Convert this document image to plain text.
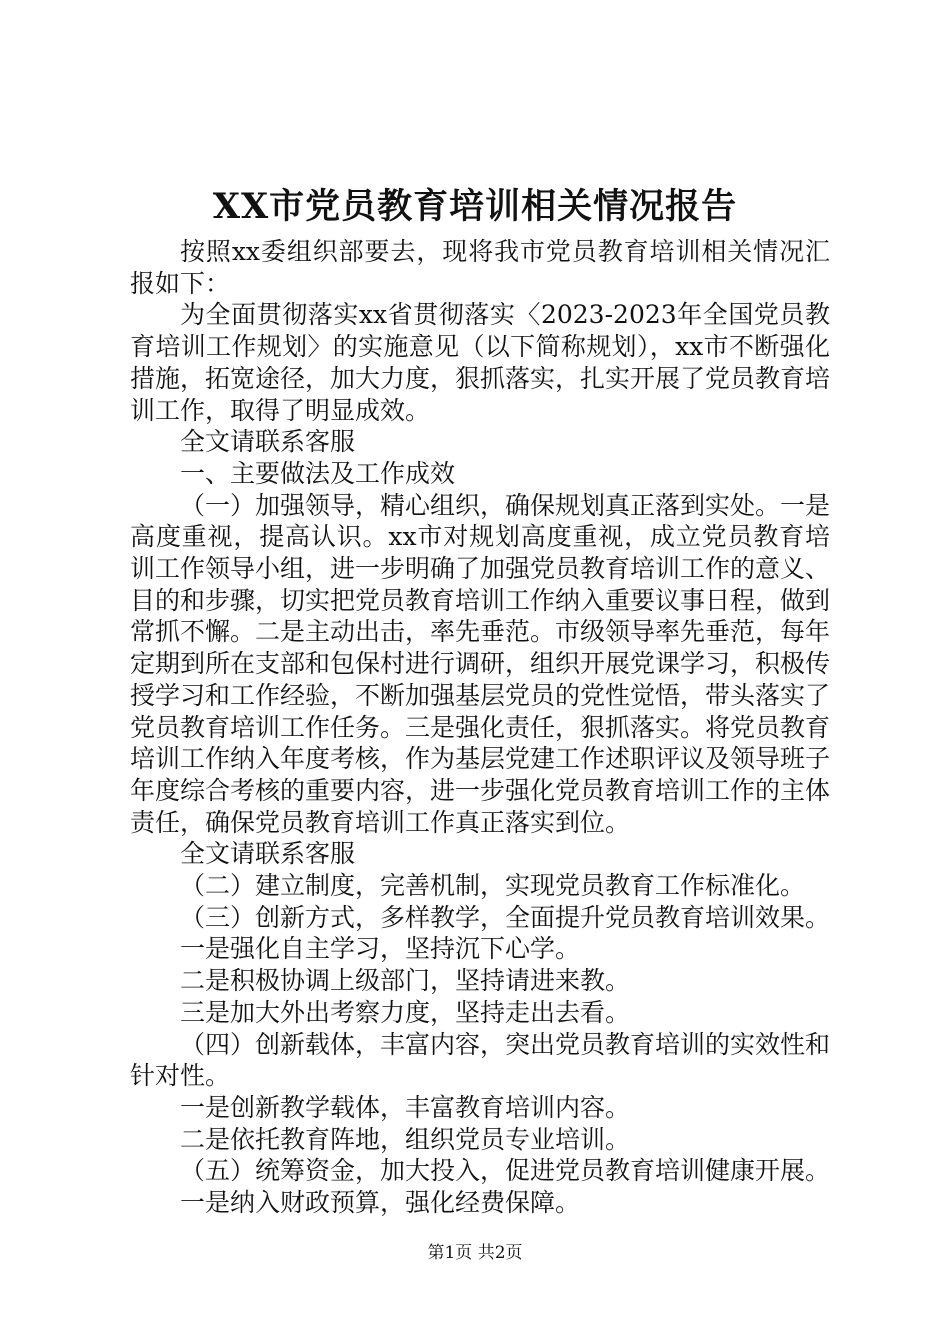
XX市党员教育培训相关情况报告

按照xx委组织部要去，现将我市党员教育培训相关情况汇报如下：

为全面贯彻落实xx省贯彻落实〈2023-2023年全国党员教育培训工作规划〉的实施意见（以下简称规划），xx市不断强化措施，拓宽途径，加大力度，狠抓落实，扎实开展了党员教育培训工作，取得了明显成效。

全文请联系客服

一、主要做法及工作成效

（一）加强领导，精心组织，确保规划真正落到实处。一是高度重视，提高认识。xx市对规划高度重视，成立党员教育培训工作领导小组，进一步明确了加强党员教育培训工作的意义、目的和步骤，切实把党员教育培训工作纳入重要议事日程，做到常抓不懈。二是主动出击，率先垂范。市级领导率先垂范，每年定期到所在支部和包保村进行调研，组织开展党课学习，积极传授学习和工作经验，不断加强基层党员的党性觉悟，带头落实了党员教育培训工作任务。三是强化责任，狠抓落实。将党员教育培训工作纳入年度考核，作为基层党建工作述职评议及领导班子年度综合考核的重要内容，进一步强化党员教育培训工作的主体责任，确保党员教育培训工作真正落实到位。

全文请联系客服

（二）建立制度，完善机制，实现党员教育工作标准化。

（三）创新方式，多样教学，全面提升党员教育培训效果。

一是强化自主学习，坚持沉下心学。

二是积极协调上级部门，坚持请进来教。

三是加大外出考察力度，坚持走出去看。

（四）创新载体，丰富内容，突出党员教育培训的实效性和针对性。

一是创新教学载体，丰富教育培训内容。

二是依托教育阵地，组织党员专业培训。

（五）统筹资金，加大投入，促进党员教育培训健康开展。

一是纳入财政预算，强化经费保障。

第1页 共2页
